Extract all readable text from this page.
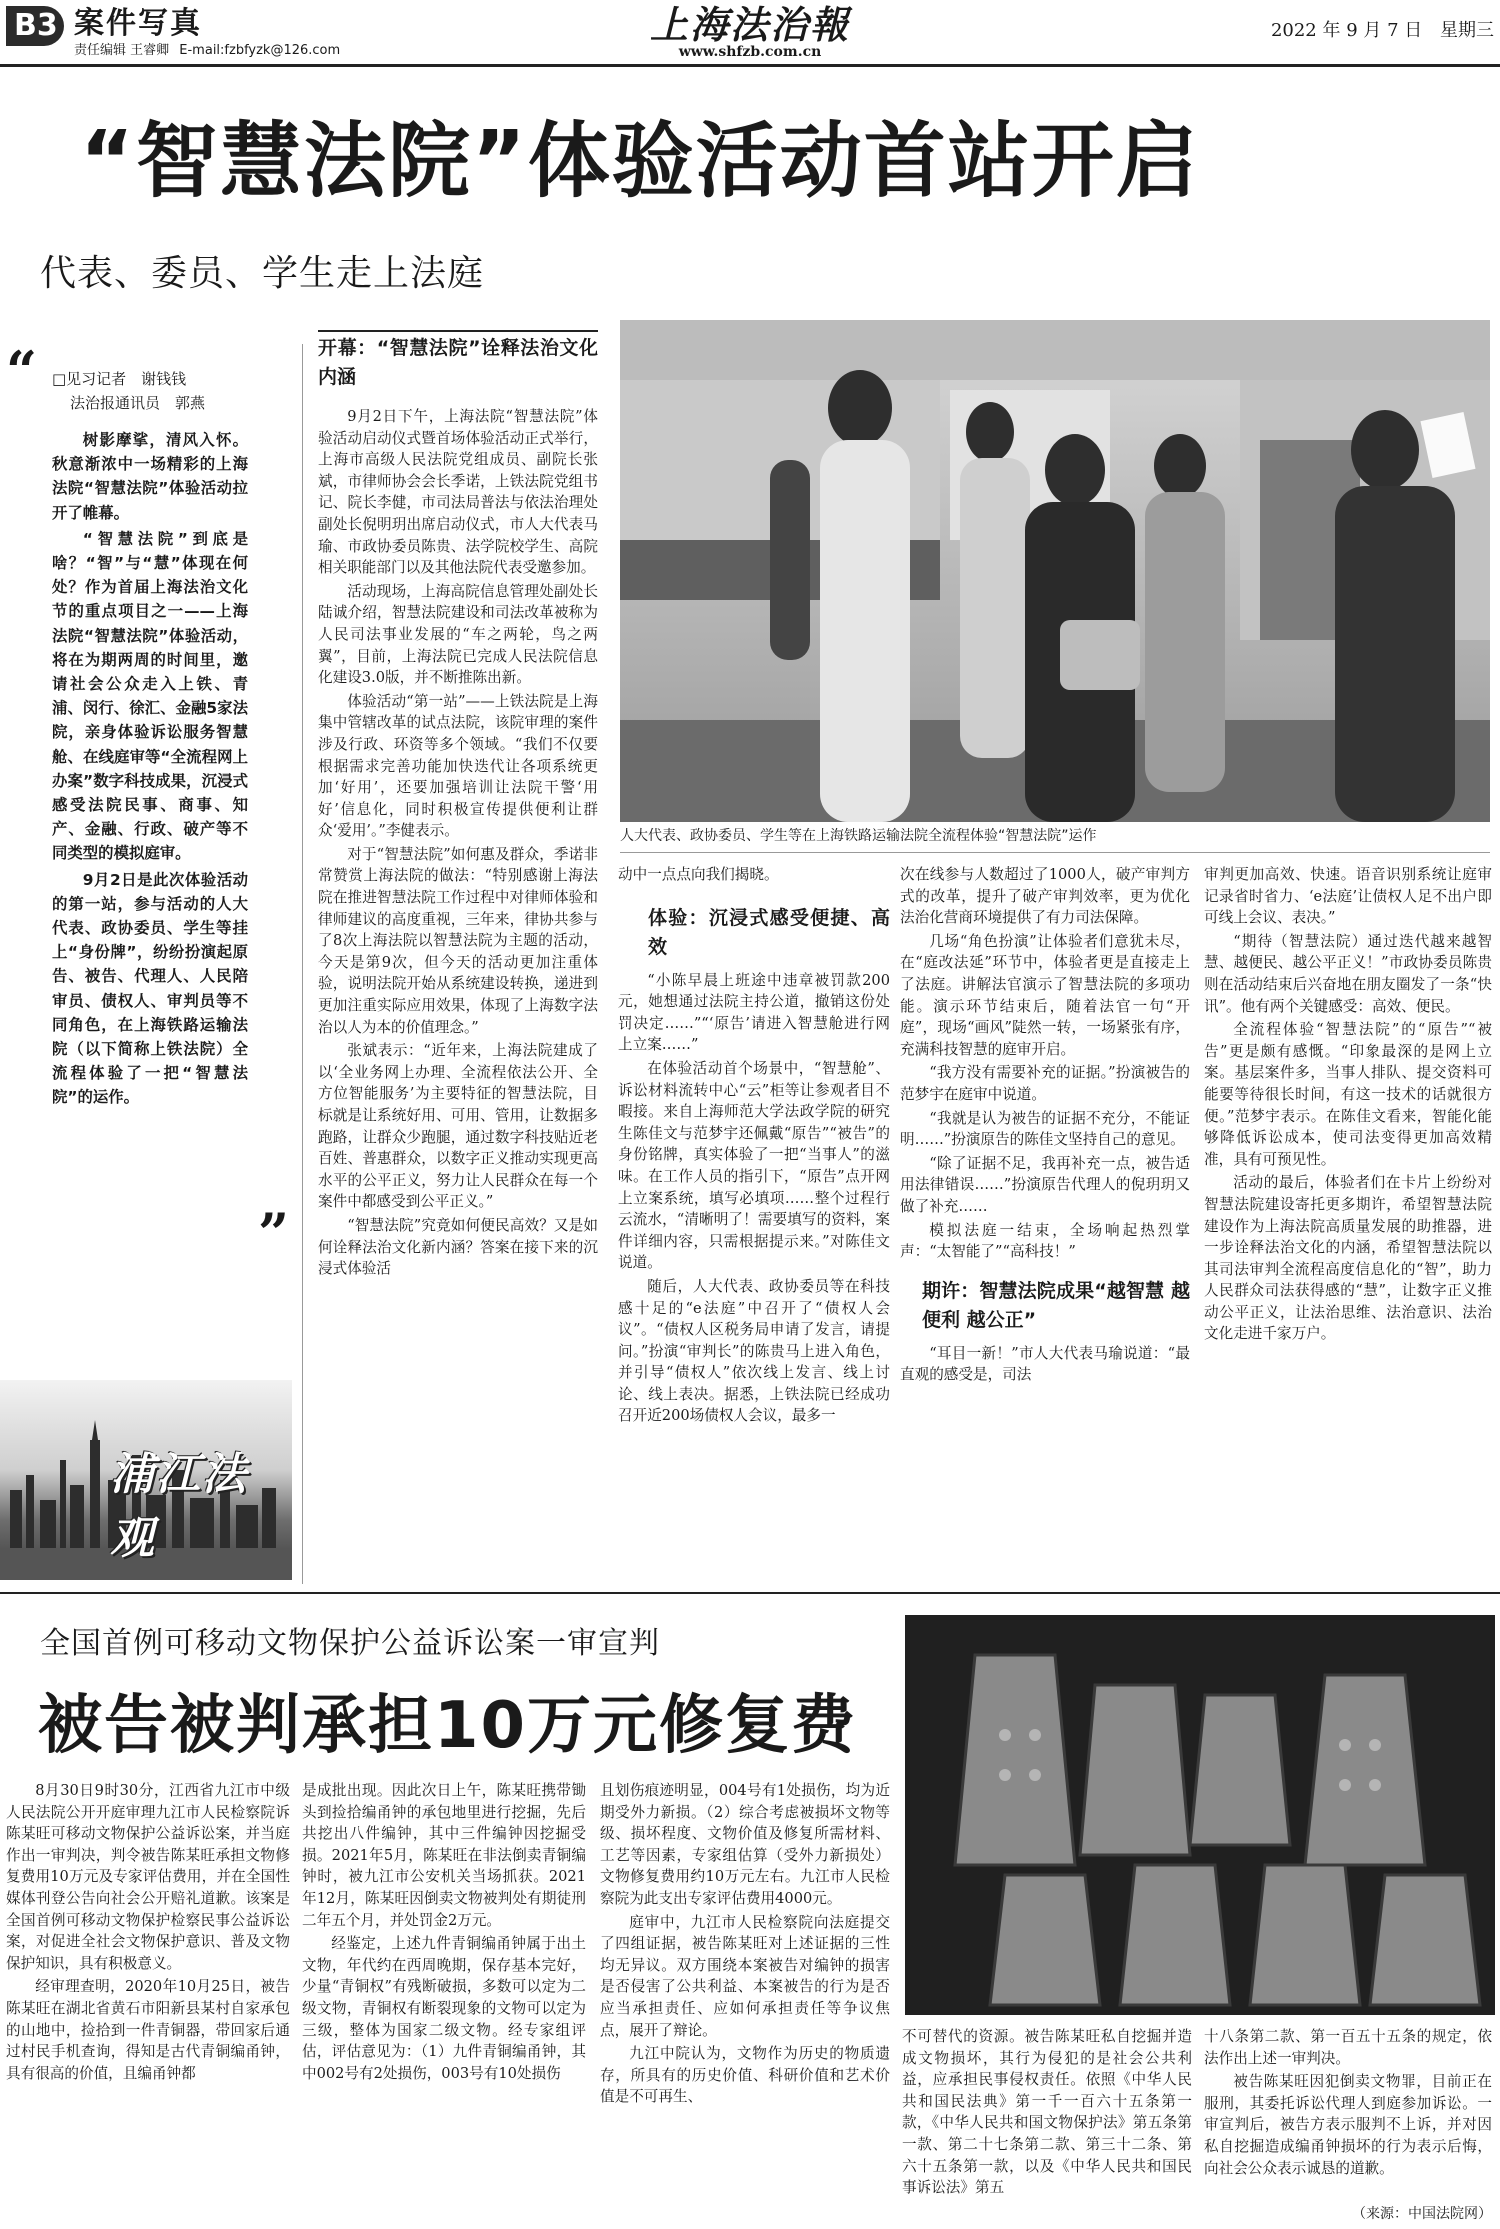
B3 案件写真
责任编辑 王睿卿 E-mail:fzbfyzk@126.com
上海法治報
www.shfzb.com.cn
2022 年 9 月 7 日 星期三
“智慧法院”体验活动首站开启
代表、委员、学生走上法庭
“ □见习记者　谢钱钱
法治报通讯员　郭燕

树影摩挲，清风入怀。秋意渐浓中一场精彩的上海法院“智慧法院”体验活动拉开了帷幕。

“智慧法院”到底是啥？“智”与“慧”体现在何处？作为首届上海法治文化节的重点项目之一——上海法院“智慧法院”体验活动，将在为期两周的时间里，邀请社会公众走入上铁、青浦、闵行、徐汇、金融5家法院，亲身体验诉讼服务智慧舱、在线庭审等“全流程网上办案”数字科技成果，沉浸式感受法院民事、商事、知产、金融、行政、破产等不同类型的模拟庭审。

9月2日是此次体验活动的第一站，参与活动的人大代表、政协委员、学生等挂上“身份牌”，纷纷扮演起原告、被告、代理人、人民陪审员、债权人、审判员等不同角色，在上海铁路运输法院（以下简称上铁法院）全流程体验了一把“智慧法院”的运作。

”
浦江法观
开幕：“智慧法院”诠释法治文化内涵

9月2日下午，上海法院“智慧法院”体验活动启动仪式暨首场体验活动正式举行，上海市高级人民法院党组成员、副院长张斌，市律师协会会长季诺，上铁法院党组书记、院长李健，市司法局普法与依法治理处副处长倪明玥出席启动仪式，市人大代表马瑜、市政协委员陈贵、法学院校学生、高院相关职能部门以及其他法院代表受邀参加。

活动现场，上海高院信息管理处副处长陆诚介绍，智慧法院建设和司法改革被称为人民司法事业发展的“车之两轮，鸟之两翼”，目前，上海法院已完成人民法院信息化建设3.0版，并不断推陈出新。

体验活动“第一站”——上铁法院是上海集中管辖改革的试点法院，该院审理的案件涉及行政、环资等多个领域。“我们不仅要根据需求完善功能加快迭代让各项系统更加‘好用’，还要加强培训让法院干警‘用好’信息化，同时积极宣传提供便利让群众‘爱用’。”李健表示。

对于“智慧法院”如何惠及群众，季诺非常赞赏上海法院的做法：“特别感谢上海法院在推进智慧法院工作过程中对律师体验和律师建议的高度重视，三年来，律协共参与了8次上海法院以智慧法院为主题的活动，今天是第9次，但今天的活动更加注重体验，说明法院开始从系统建设转换，递进到更加注重实际应用效果，体现了上海数字法治以人为本的价值理念。”

张斌表示：“近年来，上海法院建成了以‘全业务网上办理、全流程依法公开、全方位智能服务’为主要特征的智慧法院，目标就是让系统好用、可用、管用，让数据多跑路，让群众少跑腿，通过数字科技贴近老百姓、普惠群众，以数字正义推动实现更高水平的公平正义，努力让人民群众在每一个案件中都感受到公平正义。”

“智慧法院”究竟如何便民高效？又是如何诠释法治文化新内涵？答案在接下来的沉浸式体验活

人大代表、政协委员、学生等在上海铁路运输法院全流程体验“智慧法院”运作

动中一点点向我们揭晓。

体验：沉浸式感受便捷、高效

“小陈早晨上班途中违章被罚款200元，她想通过法院主持公道，撤销这份处罚决定……”“‘原告’请进入智慧舱进行网上立案……”

在体验活动首个场景中，“智慧舱”、诉讼材料流转中心“云”柜等让参观者目不暇接。来自上海师范大学法政学院的研究生陈佳文与范梦宇还佩戴“原告”“被告”的身份铭牌，真实体验了一把“当事人”的滋味。在工作人员的指引下，“原告”点开网上立案系统，填写必填项……整个过程行云流水，“清晰明了！需要填写的资料，案件详细内容，只需根据提示来。”对陈佳文说道。

随后，人大代表、政协委员等在科技感十足的“e法庭”中召开了“债权人会议”。“债权人区税务局申请了发言，请提问。”扮演“审判长”的陈贵马上进入角色，并引导“债权人”依次线上发言、线上讨论、线上表决。据悉，上铁法院已经成功召开近200场债权人会议，最多一

次在线参与人数超过了1000人，破产审判方式的改革，提升了破产审判效率，更为优化法治化营商环境提供了有力司法保障。

几场“角色扮演”让体验者们意犹未尽，在“庭改法延”环节中，体验者更是直接走上了法庭。讲解法官演示了智慧法院的多项功能。演示环节结束后，随着法官一句“开庭”，现场“画风”陡然一转，一场紧张有序，充满科技智慧的庭审开启。

“我方没有需要补充的证据。”扮演被告的范梦宇在庭审中说道。

“我就是认为被告的证据不充分，不能证明……”扮演原告的陈佳文坚持自己的意见。

“除了证据不足，我再补充一点，被告适用法律错误……”扮演原告代理人的倪玥玥又做了补充……

模拟法庭一结束，全场响起热烈掌声：“太智能了”“高科技！”

期许：智慧法院成果“越智慧 越便利 越公正”

“耳目一新！”市人大代表马瑜说道：“最直观的感受是，司法

审判更加高效、快速。语音识别系统让庭审记录省时省力、‘e法庭’让债权人足不出户即可线上会议、表决。”

“期待（智慧法院）通过迭代越来越智慧、越便民、越公平正义！”市政协委员陈贵则在活动结束后兴奋地在朋友圈发了一条“快讯”。他有两个关键感受：高效、便民。

全流程体验“智慧法院”的“原告”“被告”更是颇有感慨。“印象最深的是网上立案。基层案件多，当事人排队、提交资料可能要等待很长时间，有这一技术的话就很方便。”范梦宇表示。在陈佳文看来，智能化能够降低诉讼成本，使司法变得更加高效精准，具有可预见性。

活动的最后，体验者们在卡片上纷纷对智慧法院建设寄托更多期许，希望智慧法院建设作为上海法院高质量发展的助推器，进一步诠释法治文化的内涵，希望智慧法院以其司法审判全流程高度信息化的“智”，助力人民群众司法获得感的“慧”，让数字正义推动公平正义，让法治思维、法治意识、法治文化走进千家万户。

全国首例可移动文物保护公益诉讼案一审宣判
被告被判承担10万元修复费

8月30日9时30分，江西省九江市中级人民法院公开开庭审理九江市人民检察院诉陈某旺可移动文物保护公益诉讼案，并当庭作出一审判决，判令被告陈某旺承担文物修复费用10万元及专家评估费用，并在全国性媒体刊登公告向社会公开赔礼道歉。该案是全国首例可移动文物保护检察民事公益诉讼案，对促进全社会文物保护意识、普及文物保护知识，具有积极意义。

经审理查明，2020年10月25日，被告陈某旺在湖北省黄石市阳新县某村自家承包的山地中，捡拾到一件青铜器，带回家后通过村民手机查询，得知是古代青铜编甬钟，具有很高的价值，且编甬钟都

是成批出现。因此次日上午，陈某旺携带锄头到捡拾编甬钟的承包地里进行挖掘，先后共挖出八件编钟，其中三件编钟因挖掘受损。2021年5月，陈某旺在非法倒卖青铜编钟时，被九江市公安机关当场抓获。2021年12月，陈某旺因倒卖文物被判处有期徒刑二年五个月，并处罚金2万元。

经鉴定，上述九件青铜编甬钟属于出土文物，年代约在西周晚期，保存基本完好，少量“青铜权”有残断破损，多数可以定为二级文物，青铜权有断裂现象的文物可以定为三级，整体为国家二级文物。经专家组评估，评估意见为：（1）九件青铜编甬钟，其中002号有2处损伤，003号有10处损伤

且划伤痕迹明显，004号有1处损伤，均为近期受外力新损。（2）综合考虑被损坏文物等级、损坏程度、文物价值及修复所需材料、工艺等因素，专家组估算（受外力新损处）文物修复费用约10万元左右。九江市人民检察院为此支出专家评估费用4000元。

庭审中，九江市人民检察院向法庭提交了四组证据，被告陈某旺对上述证据的三性均无异议。双方围绕本案被告对编钟的损害是否侵害了公共利益、本案被告的行为是否应当承担责任、应如何承担责任等争议焦点，展开了辩论。

九江中院认为，文物作为历史的物质遗存，所具有的历史价值、科研价值和艺术价值是不可再生、

不可替代的资源。被告陈某旺私自挖掘并造成文物损坏，其行为侵犯的是社会公共利益，应承担民事侵权责任。依照《中华人民共和国民法典》第一千一百六十五条第一款，《中华人民共和国文物保护法》第五条第一款、第二十七条第二款、第三十二条、第六十五条第一款，以及《中华人民共和国民事诉讼法》第五

十八条第二款、第一百五十五条的规定，依法作出上述一审判决。

被告陈某旺因犯倒卖文物罪，目前正在服刑，其委托诉讼代理人到庭参加诉讼。一审宣判后，被告方表示服判不上诉，并对因私自挖掘造成编甬钟损坏的行为表示后悔，向社会公众表示诚恳的道歉。

（来源：中国法院网）
